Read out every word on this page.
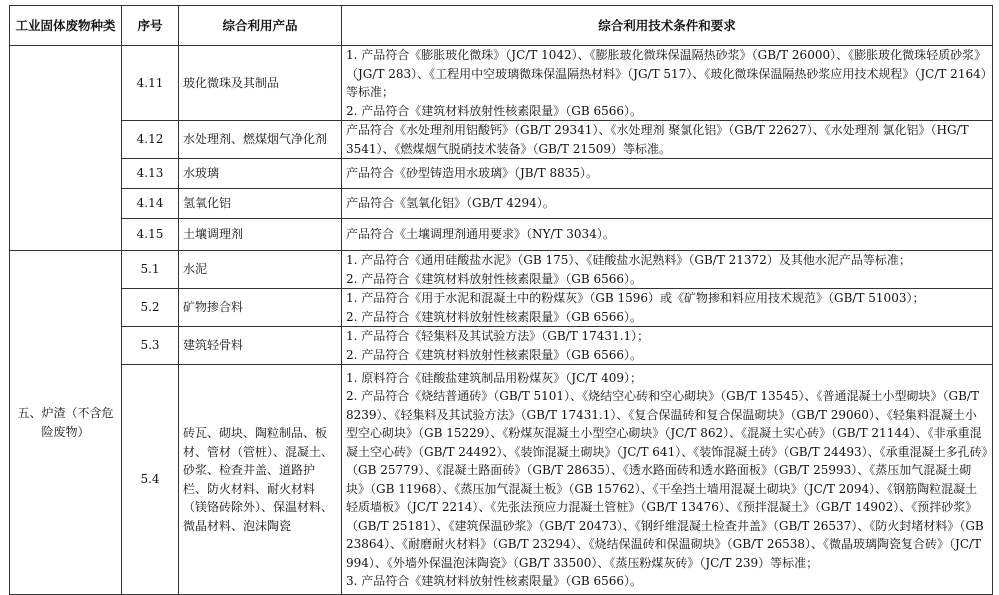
工业固体废物种类	序号	综合利用产品	综合利用技术条件和要求
	4.11	玻化微珠及其制品	1. 产品符合《膨胀玻化微珠》（JC/T 1042）、《膨胀玻化微珠保温隔热砂浆》（GB/T 26000）、《膨胀玻化微珠轻质砂浆》（JG/T 283）、《工程用中空玻璃微珠保温隔热材料》（JG/T 517）、《玻化微珠保温隔热砂浆应用技术规程》（JC/T 2164）等标准；
2. 产品符合《建筑材料放射性核素限量》（GB 6566）。

	4.12	水处理剂、燃煤烟气净化剂	产品符合《水处理剂用铝酸钙》（GB/T 29341）、《水处理剂 聚氯化铝》（GB/T 22627）、《水处理剂 氯化铝》（HG/T 3541）、《燃煤烟气脱硝技术装备》（GB/T 21509）等标准。

	4.13	水玻璃	产品符合《砂型铸造用水玻璃》（JB/T 8835）。

	4.14	氢氧化铝	产品符合《氢氧化铝》（GB/T 4294）。

	4.15	土壤调理剂	产品符合《土壤调理剂通用要求》（NY/T 3034）。

五、炉渣（不含危险废物）	5.1	水泥	1. 产品符合《通用硅酸盐水泥》（GB 175）、《硅酸盐水泥熟料》（GB/T 21372）及其他水泥产品等标准；
2. 产品符合《建筑材料放射性核素限量》（GB 6566）。

	5.2	矿物掺合料	1. 产品符合《用于水泥和混凝土中的粉煤灰》（GB 1596）或《矿物掺和料应用技术规范》（GB/T 51003）；
2. 产品符合《建筑材料放射性核素限量》（GB 6566）。

	5.3	建筑轻骨料	1. 产品符合《轻集料及其试验方法》（GB/T 17431.1）；
2. 产品符合《建筑材料放射性核素限量》（GB 6566）。

	5.4	砖瓦、砌块、陶粒制品、板材、管材（管桩）、混凝土、砂浆、检查井盖、道路护栏、防火材料、耐火材料（镁铬砖除外）、保温材料、微晶材料、泡沫陶瓷	1. 原料符合《硅酸盐建筑制品用粉煤灰》（JC/T 409）；
2. 产品符合《烧结普通砖》（GB/T 5101）、《烧结空心砖和空心砌块》（GB/T 13545）、《普通混凝土小型砌块》（GB/T 8239）、《轻集料及其试验方法》（GB/T 17431.1）、《复合保温砖和复合保温砌块》（GB/T 29060）、《轻集料混凝土小型空心砌块》（GB 15229）、《粉煤灰混凝土小型空心砌块》（JC/T 862）、《混凝土实心砖》（GB/T 21144）、《非承重混凝土空心砖》（GB/T 24492）、《装饰混凝土砌块》（JC/T 641）、《装饰混凝土砖》（GB/T 24493）、《承重混凝土多孔砖》（GB 25779）、《混凝土路面砖》（GB/T 28635）、《透水路面砖和透水路面板》（GB/T 25993）、《蒸压加气混凝土砌块》（GB 11968）、《蒸压加气混凝土板》（GB 15762）、《干垒挡土墙用混凝土砌块》（JC/T 2094）、《钢筋陶粒混凝土轻质墙板》（JC/T 2214）、《先张法预应力混凝土管桩》（GB/T 13476）、《预拌混凝土》（GB/T 14902）、《预拌砂浆》（GB/T 25181）、《建筑保温砂浆》（GB/T 20473）、《钢纤维混凝土检查井盖》（GB/T 26537）、《防火封堵材料》（GB 23864）、《耐磨耐火材料》（GB/T 23294）、《烧结保温砖和保温砌块》（GB/T 26538）、《微晶玻璃陶瓷复合砖》（JC/T 994）、《外墙外保温泡沫陶瓷》（GB/T 33500）、《蒸压粉煤灰砖》（JC/T 239）等标准；
3. 产品符合《建筑材料放射性核素限量》（GB 6566）。
